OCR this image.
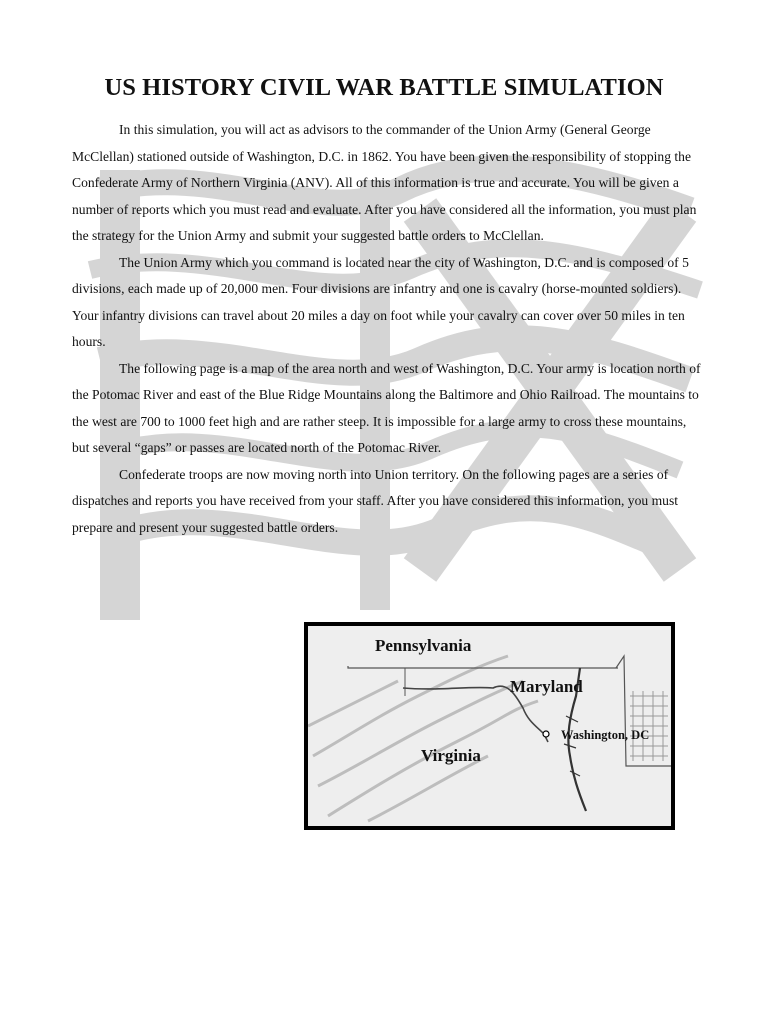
US HISTORY CIVIL WAR BATTLE SIMULATION

In this simulation, you will act as advisors to the commander of the Union Army (General George McClellan) stationed outside of Washington, D.C. in 1862. You have been given the responsibility of stopping the Confederate Army of Northern Virginia (ANV). All of this information is true and accurate. You will be given a number of reports which you must read and evaluate. After you have considered all the information, you must plan the strategy for the Union Army and submit your suggested battle orders to McClellan.

The Union Army which you command is located near the city of Washington, D.C. and is composed of 5 divisions, each made up of 20,000 men. Four divisions are infantry and one is cavalry (horse-mounted soldiers). Your infantry divisions can travel about 20 miles a day on foot while your cavalry can cover over 50 miles in ten hours.

The following page is a map of the area north and west of Washington, D.C. Your army is location north of the Potomac River and east of the Blue Ridge Mountains along the Baltimore and Ohio Railroad. The mountains to the west are 700 to 1000 feet high and are rather steep. It is impossible for a large army to cross these mountains, but several “gaps” or passes are located north of the Potomac River.

Confederate troops are now moving north into Union territory. On the following pages are a series of dispatches and reports you have received from your staff. After you have considered this information, you must prepare and present your suggested battle orders.

Pennsylvania
Maryland
Virginia
Washington, DC
